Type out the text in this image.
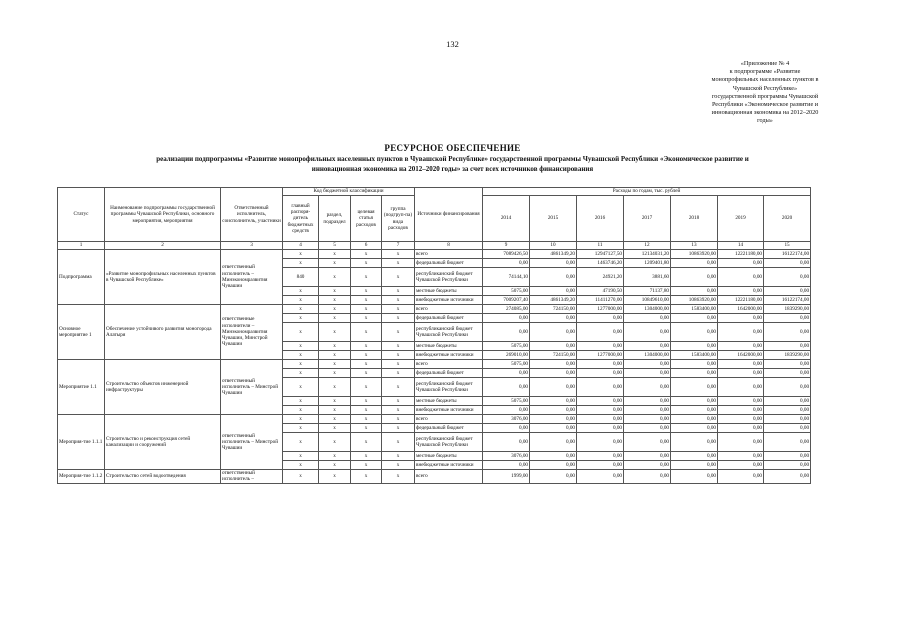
132
«Приложение № 4
к подпрограмме «Развитие
монопрофильных населенных пунктов в
Чувашской Республике»
государственной программы Чувашской
Республики «Экономическое развитие и
инновационная экономика на 2012–2020
годы»
РЕСУРСНОЕ ОБЕСПЕЧЕНИЕ
реализации подпрограммы «Развитие монопрофильных населенных пунктов в Чувашской Республике» государственной программы Чувашской Республики «Экономическое развитие и
инновационная экономика на 2012–2020 годы» за счет всех источников финансирования
Статус	Наименование подпрограммы государственной программы Чувашской Республики, основного мероприятия, мероприятия	Ответственный исполнитель, соисполнитель, участники	Код бюджетной классификации				Источники финансирования	Расходы по годам, тыс. рублей						
			главный распоря-дитель бюджетных средств	раздел, подраздел	целевая статья расходов	группа (подгруп-па) вида расходов		2014	2015	2016	2017	2018	2019	2020
1	2	3	4	5	6	7	8	9	10	11	12	13	14	15
Подпрограмма	«Развитие монопрофильных населенных пунктов в Чувашской Республике»	ответственный исполнитель – Минэкономразвития Чувашии	x	x	x	x	всего	7089426,50	4861349,20	12947127,50	12134031,20	10863920,00	12221180,00	16122174,00
			x	x	x	x	федеральный бюджет	0,00	0,00	1463746,20	1209401,80	0,00	0,00	0,00
			840	x	x	x	республиканский бюджет Чувашской Республики	74144,10	0,00	24921,20	3881,60	0,00	0,00	0,00
			x	x	x	x	местные бюджеты	5075,00	0,00	47190,50	71137,80	0,00	0,00	0,00
			x	x	x	x	внебюджетные источники	7009207,40	4861349,20	11411270,00	10849610,00	10863920,00	12221180,00	16122174,00
Основное мероприятие 1	Обеспечение устойчивого развития моногорода Алатыря	ответственные исполнители – Минэкономразвития Чувашии, Минстрой Чувашии	x	x	x	x	всего	274085,00	724150,00	1277000,00	1304000,00	1583400,00	1642000,00	1839290,00
			x	x	x	x	федеральный бюджет	0,00	0,00	0,00	0,00	0,00	0,00	0,00
			x	x	x	x	республиканский бюджет Чувашской Республики	0,00	0,00	0,00	0,00	0,00	0,00	0,00
			x	x	x	x	местные бюджеты	5075,00	0,00	0,00	0,00	0,00	0,00	0,00
			x	x	x	x	внебюджетные источники	269010,00	724150,00	1277000,00	1304000,00	1583400,00	1642000,00	1839290,00
Мероприятие 1.1	Строительство объектов инженерной инфраструктуры	ответственный исполнитель – Минстрой Чувашии	x	x	x	x	всего	5075,00	0,00	0,00	0,00	0,00	0,00	0,00
			x	x	x	x	федеральный бюджет	0,00	0,00	0,00	0,00	0,00	0,00	0,00
			x	x	x	x	республиканский бюджет Чувашской Республики	0,00	0,00	0,00	0,00	0,00	0,00	0,00
			x	x	x	x	местные бюджеты	5075,00	0,00	0,00	0,00	0,00	0,00	0,00
			x	x	x	x	внебюджетные источники	0,00	0,00	0,00	0,00	0,00	0,00	0,00
Мероприя-тие 1.1.1	Строительство и реконструкция сетей канализации и сооружений	ответственный исполнитель – Минстрой Чувашии	x	x	x	x	всего	3076,00	0,00	0,00	0,00	0,00	0,00	0,00
			x	x	x	x	федеральный бюджет	0,00	0,00	0,00	0,00	0,00	0,00	0,00
			x	x	x	x	республиканский бюджет Чувашской Республики	0,00	0,00	0,00	0,00	0,00	0,00	0,00
			x	x	x	x	местные бюджеты	3076,00	0,00	0,00	0,00	0,00	0,00	0,00
			x	x	x	x	внебюджетные источники	0,00	0,00	0,00	0,00	0,00	0,00	0,00
Мероприя-тие 1.1.2	Строительство сетей водоотведения	ответственный исполнитель –	x	x	x	x	всего	1999,00	0,00	0,00	0,00	0,00	0,00	0,00
